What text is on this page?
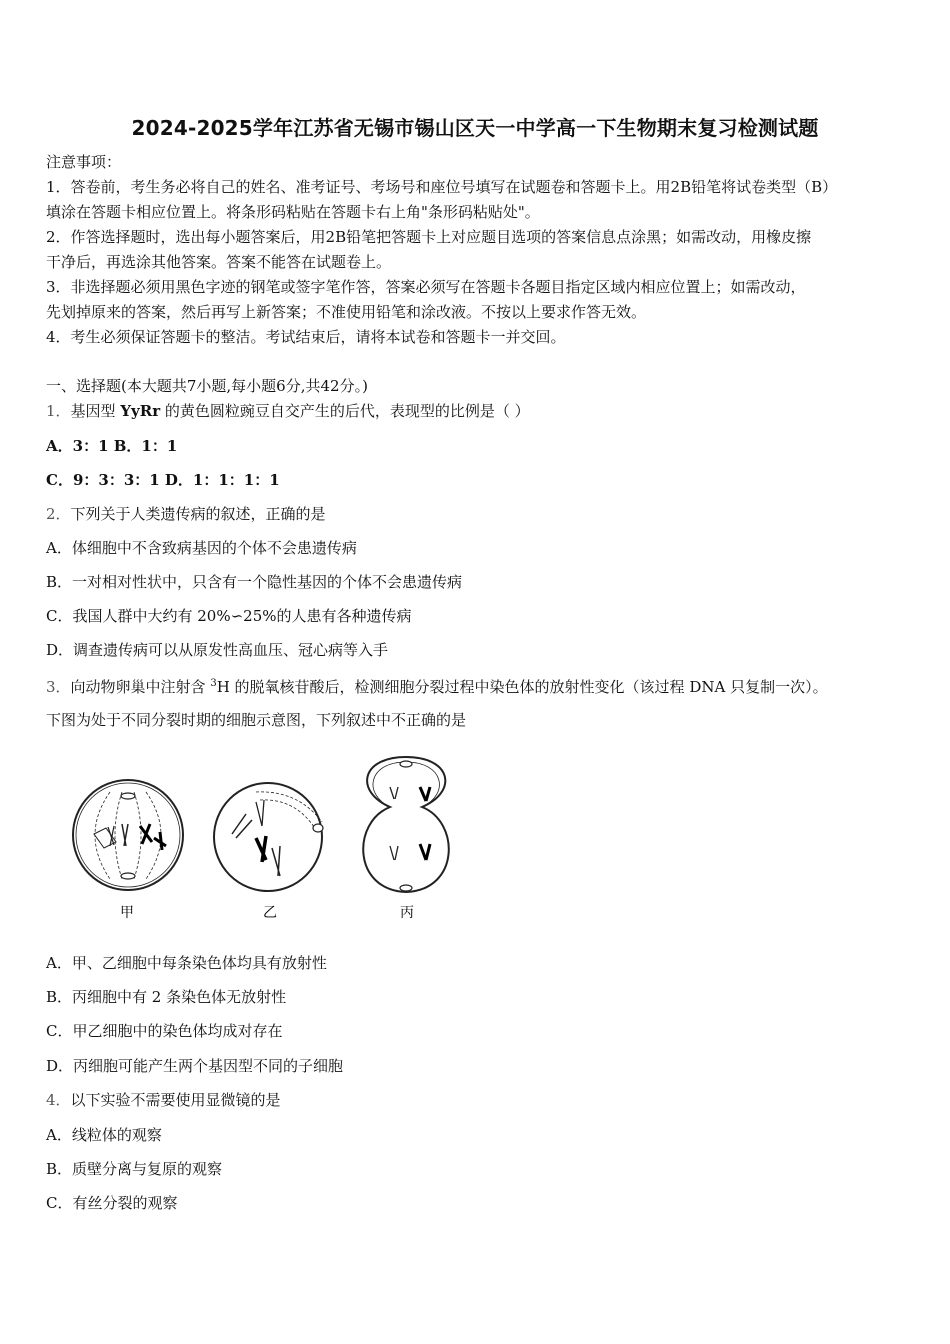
2024-2025学年江苏省无锡市锡山区天一中学高一下生物期末复习检测试题
注意事项：
1．答卷前，考生务必将自己的姓名、准考证号、考场号和座位号填写在试题卷和答题卡上。用2B铅笔将试卷类型（B）
填涂在答题卡相应位置上。将条形码粘贴在答题卡右上角"条形码粘贴处"。
2．作答选择题时，选出每小题答案后，用2B铅笔把答题卡上对应题目选项的答案信息点涂黑；如需改动，用橡皮擦
干净后，再选涂其他答案。答案不能答在试题卷上。
3．非选择题必须用黑色字迹的钢笔或签字笔作答，答案必须写在答题卡各题目指定区域内相应位置上；如需改动，
先划掉原来的答案，然后再写上新答案；不准使用铅笔和涂改液。不按以上要求作答无效。
4．考生必须保证答题卡的整洁。考试结束后，请将本试卷和答题卡一并交回。
一、选择题(本大题共7小题,每小题6分,共42分。)
1．基因型 YyRr 的黄色圆粒豌豆自交产生的后代，表现型的比例是（ ）
A．3：1 B．1：1
C．9：3：3：1 D．1：1：1：1
2．下列关于人类遗传病的叙述，正确的是
A．体细胞中不含致病基因的个体不会患遗传病
B．一对相对性状中，只含有一个隐性基因的个体不会患遗传病
C．我国人群中大约有 20%∽25%的人患有各种遗传病
D．调查遗传病可以从原发性高血压、冠心病等入手
3．向动物卵巢中注射含 $^3$H 的脱氧核苷酸后，检测细胞分裂过程中染色体的放射性变化（该过程 DNA 只复制一次）。
下图为处于不同分裂时期的细胞示意图，下列叙述中不正确的是
甲	乙	丙
A．甲、乙细胞中每条染色体均具有放射性
B．丙细胞中有 2 条染色体无放射性
C．甲乙细胞中的染色体均成对存在
D．丙细胞可能产生两个基因型不同的子细胞
4．以下实验不需要使用显微镜的是
A．线粒体的观察
B．质壁分离与复原的观察
C．有丝分裂的观察
